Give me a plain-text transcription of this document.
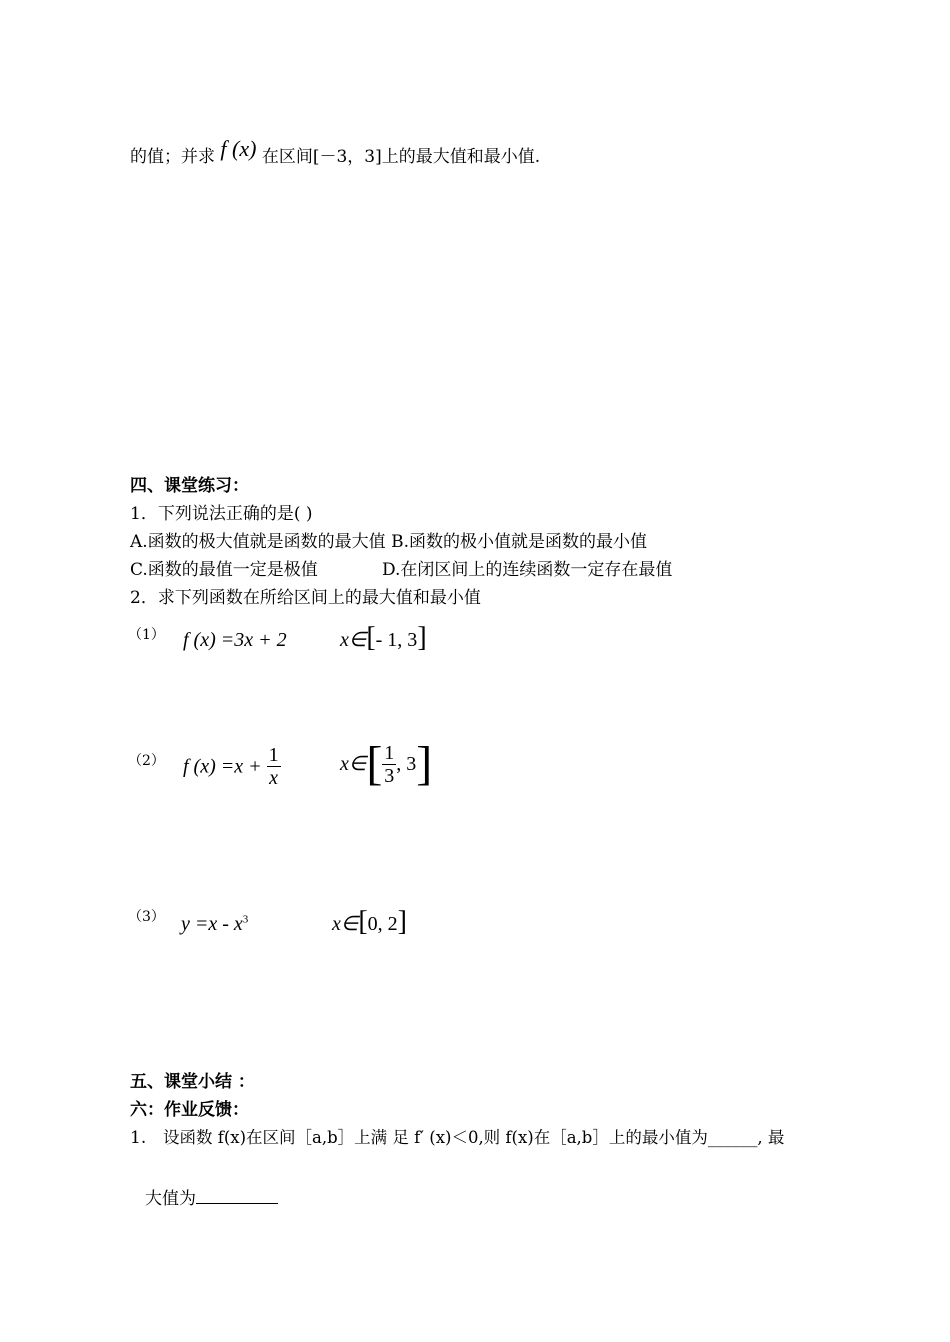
的值；并求 f (x) 在区间[－3，3]上的最大值和最小值.
四、课堂练习：
1．下列说法正确的是( )
A.函数的极大值就是函数的最大值 B.函数的极小值就是函数的最小值
C.函数的最值一定是极值	D.在闭区间上的连续函数一定存在最值
2．求下列函数在所给区间上的最大值和最小值
（1） f (x) =3x + 2	x∈[- 1, 3]
（2） f $(x) =x + \frac{1}{x}$	x∈[ $\frac{1}{3}$ , 3]
（3） $y =x - x^3$	x∈[0, 2]
五、课堂小结 ：
六：作业反馈：
1. 设函数 f(x)在区间［a,b］上满 足 f′ (x)＜0,则 f(x)在［a,b］上的最小值为______, 最
大值为
